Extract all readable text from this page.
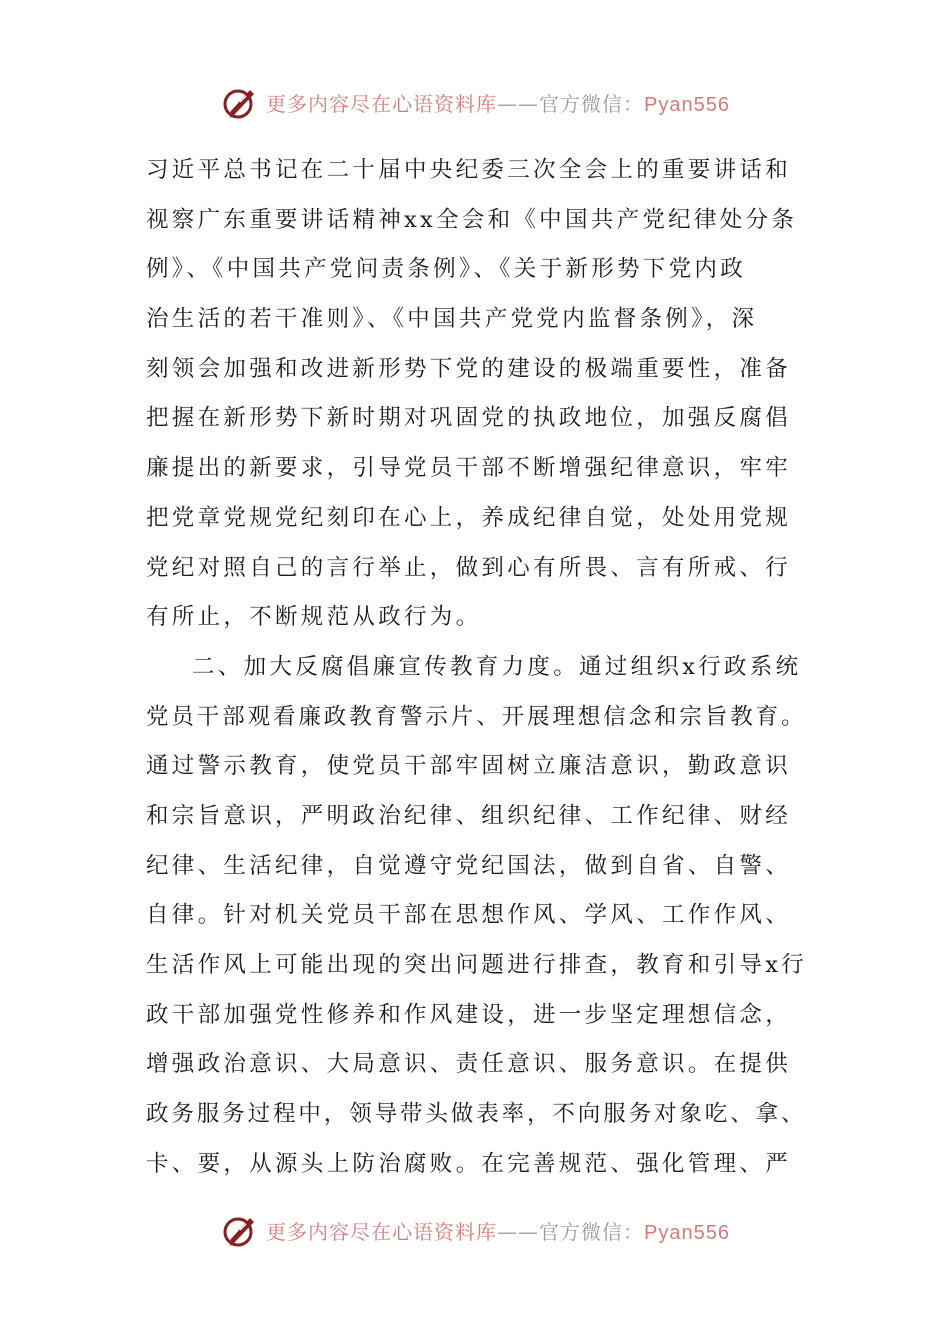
更多内容尽在心语资料库——官方微信：Pyan556
习近平总书记在二十届中央纪委三次全会上的重要讲话和
视察广东重要讲话精神xx全会和《中国共产党纪律处分条
例》、《中国共产党问责条例》、《关于新形势下党内政
治生活的若干准则》、《中国共产党党内监督条例》，深
刻领会加强和改进新形势下党的建设的极端重要性，准备
把握在新形势下新时期对巩固党的执政地位，加强反腐倡
廉提出的新要求，引导党员干部不断增强纪律意识，牢牢
把党章党规党纪刻印在心上，养成纪律自觉，处处用党规
党纪对照自己的言行举止，做到心有所畏、言有所戒、行
有所止，不断规范从政行为。
二、加大反腐倡廉宣传教育力度。通过组织x行政系统
党员干部观看廉政教育警示片、开展理想信念和宗旨教育。
通过警示教育，使党员干部牢固树立廉洁意识，勤政意识
和宗旨意识，严明政治纪律、组织纪律、工作纪律、财经
纪律、生活纪律，自觉遵守党纪国法，做到自省、自警、
自律。针对机关党员干部在思想作风、学风、工作作风、
生活作风上可能出现的突出问题进行排查，教育和引导x行
政干部加强党性修养和作风建设，进一步坚定理想信念，
增强政治意识、大局意识、责任意识、服务意识。在提供
政务服务过程中，领导带头做表率，不向服务对象吃、拿、
卡、要，从源头上防治腐败。在完善规范、强化管理、严
更多内容尽在心语资料库——官方微信：Pyan556
